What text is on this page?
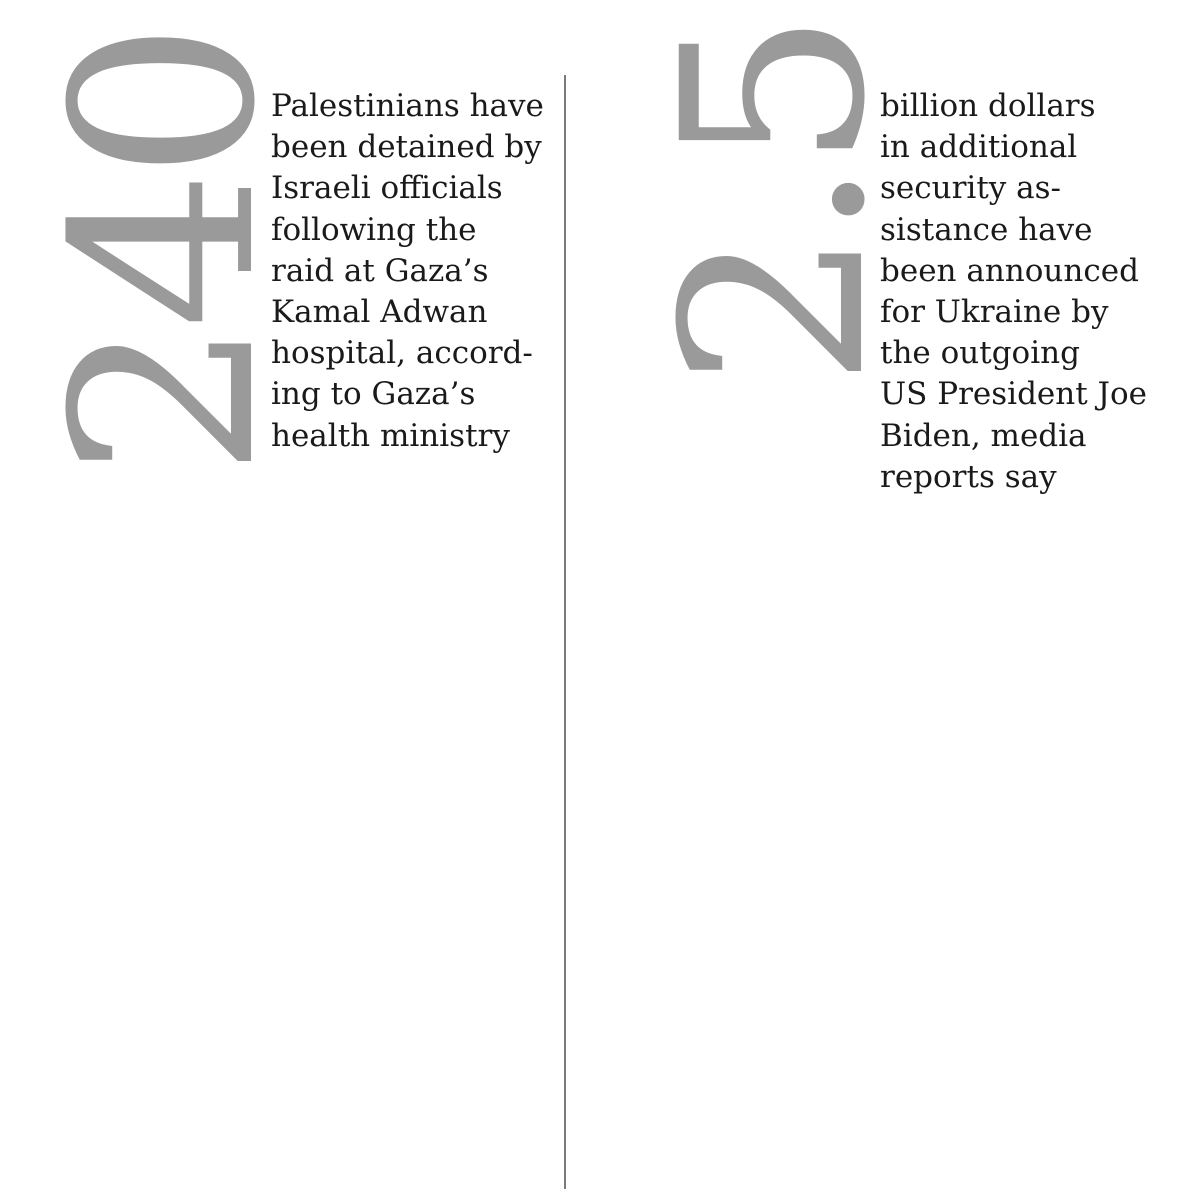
240

Palestinians have
been detained by
Israeli officials
following the
raid at Gaza’s
Kamal Adwan
hospital, accord-
ing to Gaza’s
health ministry

2.5

billion dollars
in additional
security as-
sistance have
been announced
for Ukraine by
the outgoing
US President Joe
Biden, media
reports say
